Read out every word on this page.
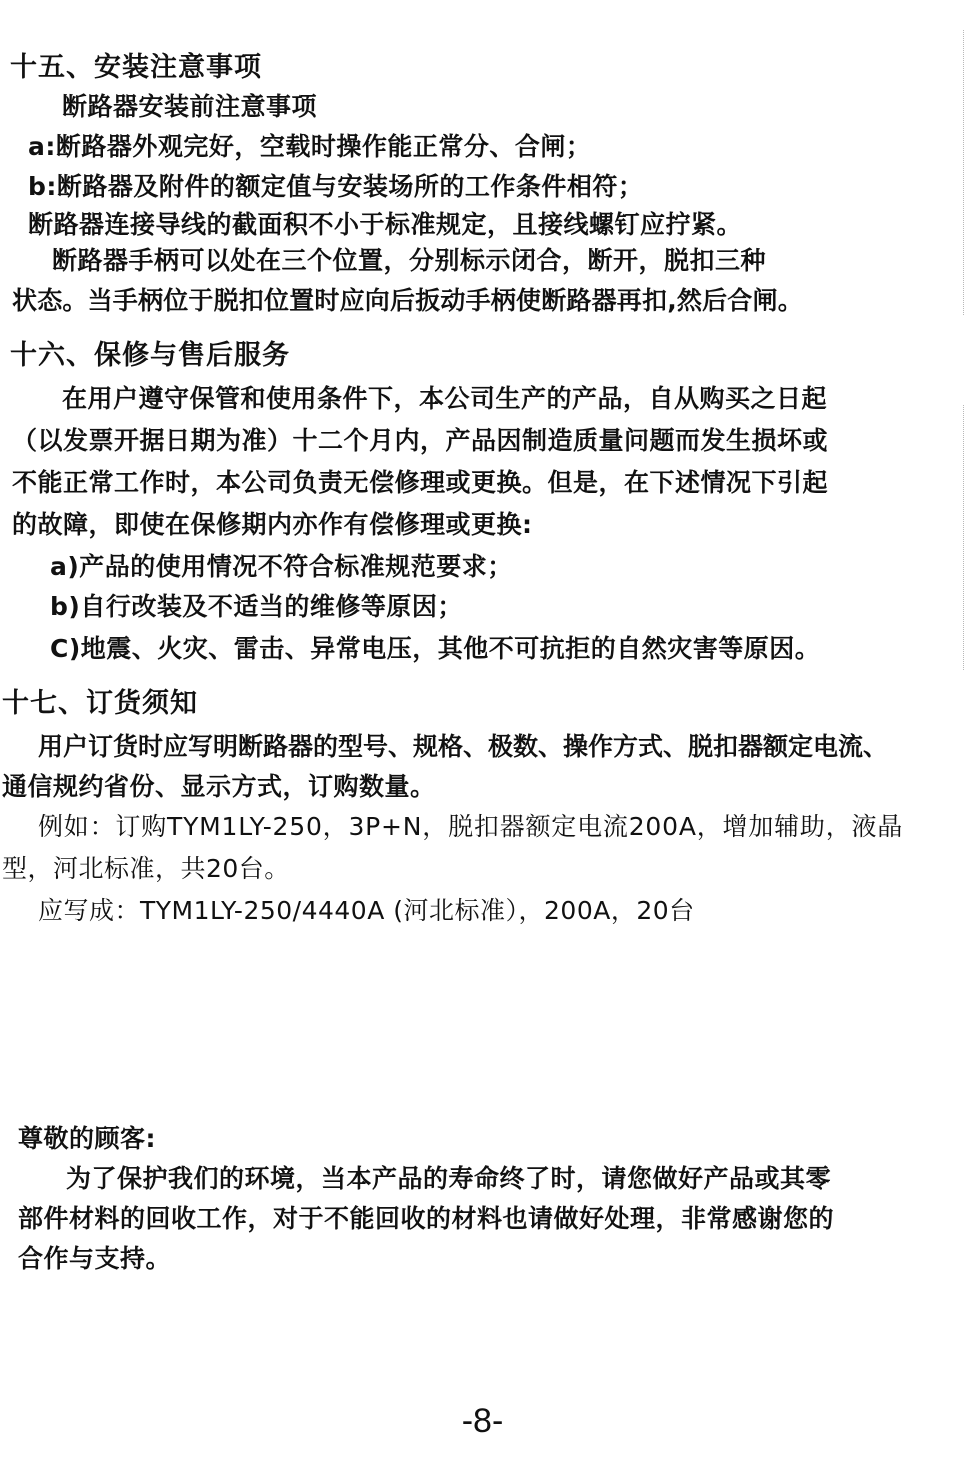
十五、安装注意事项
断路器安装前注意事项
a:断路器外观完好，空载时操作能正常分、合闸；
b:断路器及附件的额定值与安装场所的工作条件相符；
断路器连接导线的截面积不小于标准规定，且接线螺钉应拧紧。
断路器手柄可以处在三个位置，分别标示闭合，断开，脱扣三种
状态。当手柄位于脱扣位置时应向后扳动手柄使断路器再扣,然后合闸。
十六、保修与售后服务
在用户遵守保管和使用条件下，本公司生产的产品，自从购买之日起
（以发票开据日期为准）十二个月内，产品因制造质量问题而发生损坏或
不能正常工作时，本公司负责无偿修理或更换。但是，在下述情况下引起
的故障，即使在保修期内亦作有偿修理或更换:
a)产品的使用情况不符合标准规范要求；
b)自行改装及不适当的维修等原因；
C)地震、火灾、雷击、异常电压，其他不可抗拒的自然灾害等原因。
十七、订货须知
用户订货时应写明断路器的型号、规格、极数、操作方式、脱扣器额定电流、
通信规约省份、显示方式，订购数量。
例如：订购TYM1LY-250，3P+N，脱扣器额定电流200A，增加辅助，液晶
型，河北标准，共20台。
应写成：TYM1LY-250/4440A (河北标准），200A，20台
尊敬的顾客:
为了保护我们的环境，当本产品的寿命终了时，请您做好产品或其零
部件材料的回收工作，对于不能回收的材料也请做好处理，非常感谢您的
合作与支持。
-8-
